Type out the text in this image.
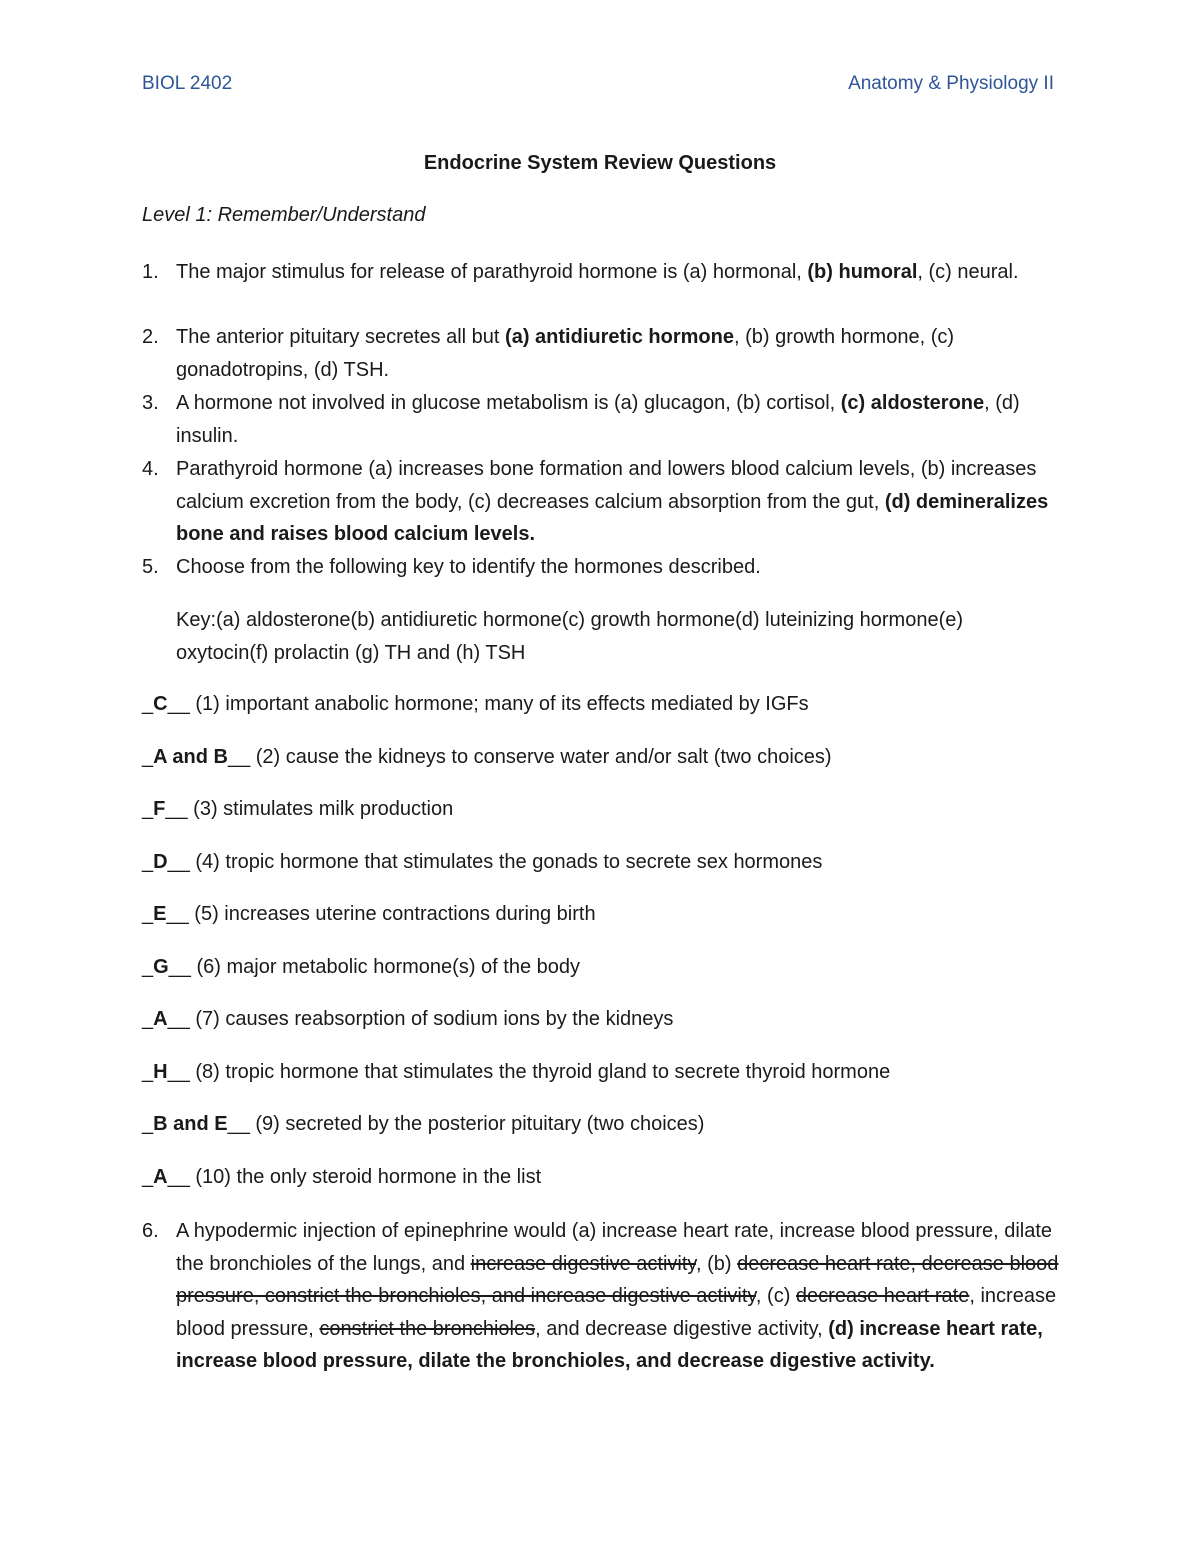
BIOL 2402	Anatomy & Physiology II
Endocrine System Review Questions
Level 1: Remember/Understand
1. The major stimulus for release of parathyroid hormone is (a) hormonal, (b) humoral, (c) neural.
2. The anterior pituitary secretes all but (a) antidiuretic hormone, (b) growth hormone, (c) gonadotropins, (d) TSH.
3. A hormone not involved in glucose metabolism is (a) glucagon, (b) cortisol, (c) aldosterone, (d) insulin.
4. Parathyroid hormone (a) increases bone formation and lowers blood calcium levels, (b) increases calcium excretion from the body, (c) decreases calcium absorption from the gut, (d) demineralizes bone and raises blood calcium levels.
5. Choose from the following key to identify the hormones described.
Key:(a) aldosterone(b) antidiuretic hormone(c) growth hormone(d) luteinizing hormone(e) oxytocin(f) prolactin (g) TH and (h) TSH
_C__ (1) important anabolic hormone; many of its effects mediated by IGFs
_A and B__ (2) cause the kidneys to conserve water and/or salt (two choices)
_F__ (3) stimulates milk production
_D__ (4) tropic hormone that stimulates the gonads to secrete sex hormones
_E__ (5) increases uterine contractions during birth
_G__ (6) major metabolic hormone(s) of the body
_A__ (7) causes reabsorption of sodium ions by the kidneys
_H__ (8) tropic hormone that stimulates the thyroid gland to secrete thyroid hormone
_B and E__ (9) secreted by the posterior pituitary (two choices)
_A__ (10) the only steroid hormone in the list
6. A hypodermic injection of epinephrine would (a) increase heart rate, increase blood pressure, dilate the bronchioles of the lungs, and increase digestive activity, (b) decrease heart rate, decrease blood pressure, constrict the bronchioles, and increase digestive activity, (c) decrease heart rate, increase blood pressure, constrict the bronchioles, and decrease digestive activity, (d) increase heart rate, increase blood pressure, dilate the bronchioles, and decrease digestive activity.
